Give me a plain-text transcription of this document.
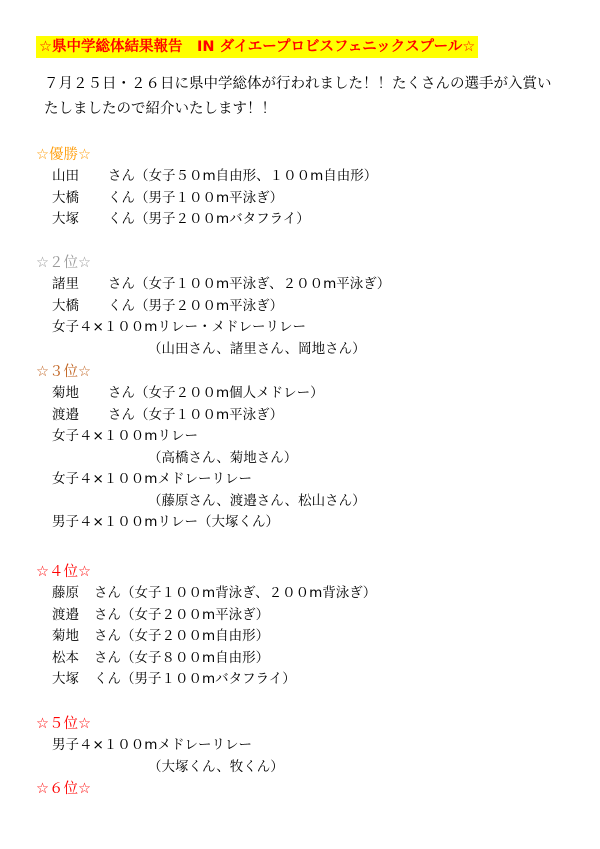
☆県中学総体結果報告　IN ダイエープロビスフェニックスプール☆
７月２５日・２６日に県中学総体が行われました！！たくさんの選手が入賞いたしましたので紹介いたします！！
☆優勝☆
山田	さん（女子５０m自由形、１００m自由形）
大橋	くん（男子１００m平泳ぎ）
大塚	くん（男子２００mバタフライ）
☆２位☆
諸里	さん（女子１００m平泳ぎ、２００m平泳ぎ）
大橋	くん（男子２００m平泳ぎ）
女子４×１００mリレー・メドレーリレー
（山田さん、諸里さん、岡地さん）
☆３位☆
菊地	さん（女子２００m個人メドレー）
渡邉	さん（女子１００m平泳ぎ）
女子４×１００mリレー
（高橋さん、菊地さん）
女子４×１００mメドレーリレー
（藤原さん、渡邉さん、松山さん）
男子４×１００mリレー（大塚くん）
☆４位☆
藤原	さん（女子１００m背泳ぎ、２００m背泳ぎ）
渡邉	さん（女子２００m平泳ぎ）
菊地	さん（女子２００m自由形）
松本	さん（女子８００m自由形）
大塚	くん（男子１００mバタフライ）
☆５位☆
男子４×１００mメドレーリレー
（大塚くん、牧くん）
☆６位☆
